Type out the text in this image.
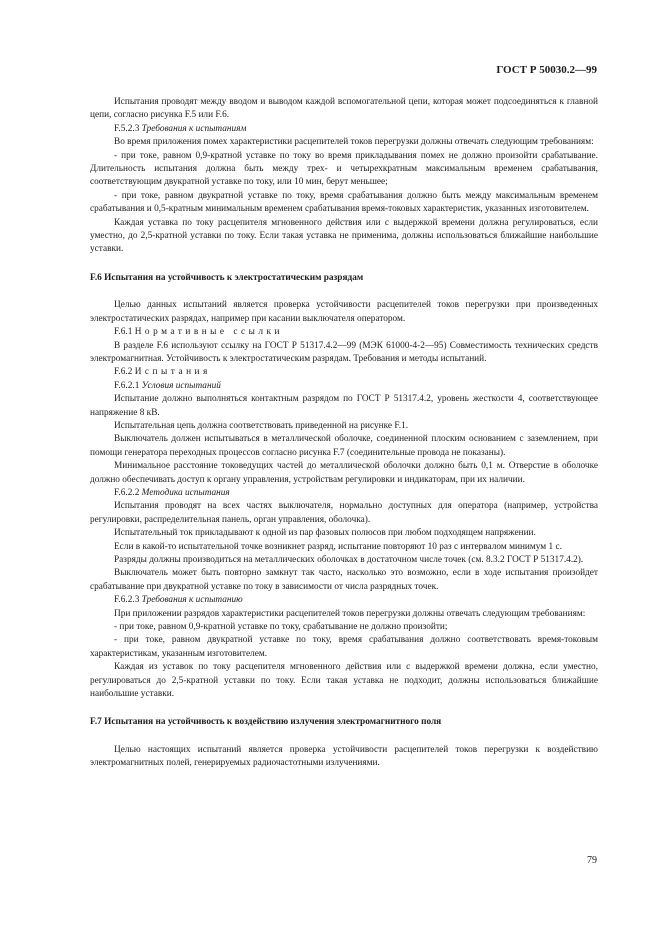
ГОСТ Р 50030.2—99

Испытания проводят между вводом и выводом каждой вспомогательной цепи, которая может подсоединяться к главной цепи, согласно рисунка F.5 или F.6.

F.5.2.3 Требования к испытаниям

Во время приложения помех характеристики расцепителей токов перегрузки должны отвечать следующим требованиям:

- при токе, равном 0,9-кратной уставке по току во время прикладывания помех не должно произойти срабатывание. Длительность испытания должна быть между трех- и четырехкратным максимальным временем срабатывания, соответствующим двукратной уставке по току, или 10 мин, берут меньшее;

- при токе, равном двукратной уставке по току, время срабатывания должно быть между максимальным временем срабатывания и 0,5-кратным минимальным временем срабатывания время-токовых характеристик, указанных изготовителем.

Каждая уставка по току расцепителя мгновенного действия или с выдержкой времени должна регулироваться, если уместно, до 2,5-кратной уставки по току. Если такая уставка не применима, должны использоваться ближайшие наибольшие уставки.

F.6 Испытания на устойчивость к электростатическим разрядам

Целью данных испытаний является проверка устойчивости расцепителей токов перегрузки при произведенных электростатических разрядах, например при касании выключателя оператором.

F.6.1 Нормативные ссылки

В разделе F.6 используют ссылку на ГОСТ Р 51317.4.2—99 (МЭК 61000-4-2—95) Совместимость технических средств электромагнитная. Устойчивость к электростатическим разрядам. Требования и методы испытаний.

F.6.2 Испытания

F.6.2.1 Условия испытаний

Испытание должно выполняться контактным разрядом по ГОСТ Р 51317.4.2, уровень жесткости 4, соответствующее напряжение 8 кВ.

Испытательная цепь должна соответствовать приведенной на рисунке F.1.

Выключатель должен испытываться в металлической оболочке, соединенной плоским основанием с заземлением, при помощи генератора переходных процессов согласно рисунка F.7 (соединительные провода не показаны).

Минимальное расстояние токоведущих частей до металлической оболочки должно быть 0,1 м. Отверстие в оболочке должно обеспечивать доступ к органу управления, устройствам регулировки и индикаторам, при их наличии.

F.6.2.2 Методика испытания

Испытания проводят на всех частях выключателя, нормально доступных для оператора (например, устройства регулировки, распределительная панель, орган управления, оболочка).

Испытательный ток прикладывают к одной из пар фазовых полюсов при любом подходящем напряжении.

Если в какой-то испытательной точке возникнет разряд, испытание повторяют 10 раз с интервалом минимум 1 с.

Разряды должны производиться на металлических оболочках в достаточном числе точек (см. 8.3.2 ГОСТ Р 51317.4.2).

Выключатель может быть повторно замкнут так часто, насколько это возможно, если в ходе испытания произойдет срабатывание при двукратной уставке по току в зависимости от числа разрядных точек.

F.6.2.3 Требования к испытанию

При приложении разрядов характеристики расцепителей токов перегрузки должны отвечать следующим требованиям:

- при токе, равном 0,9-кратной уставке по току, срабатывание не должно произойти;

- при токе, равном двукратной уставке по току, время срабатывания должно соответствовать время-токовым характеристикам, указанным изготовителем.

Каждая из уставок по току расцепителя мгновенного действия или с выдержкой времени должна, если уместно, регулироваться до 2,5-кратной уставки по току. Если такая уставка не подходит, должны использоваться ближайшие наибольшие уставки.

F.7 Испытания на устойчивость к воздействию излучения электромагнитного поля

Целью настоящих испытаний является проверка устойчивости расцепителей токов перегрузки к воздействию электромагнитных полей, генерируемых радиочастотными излучениями.

79
